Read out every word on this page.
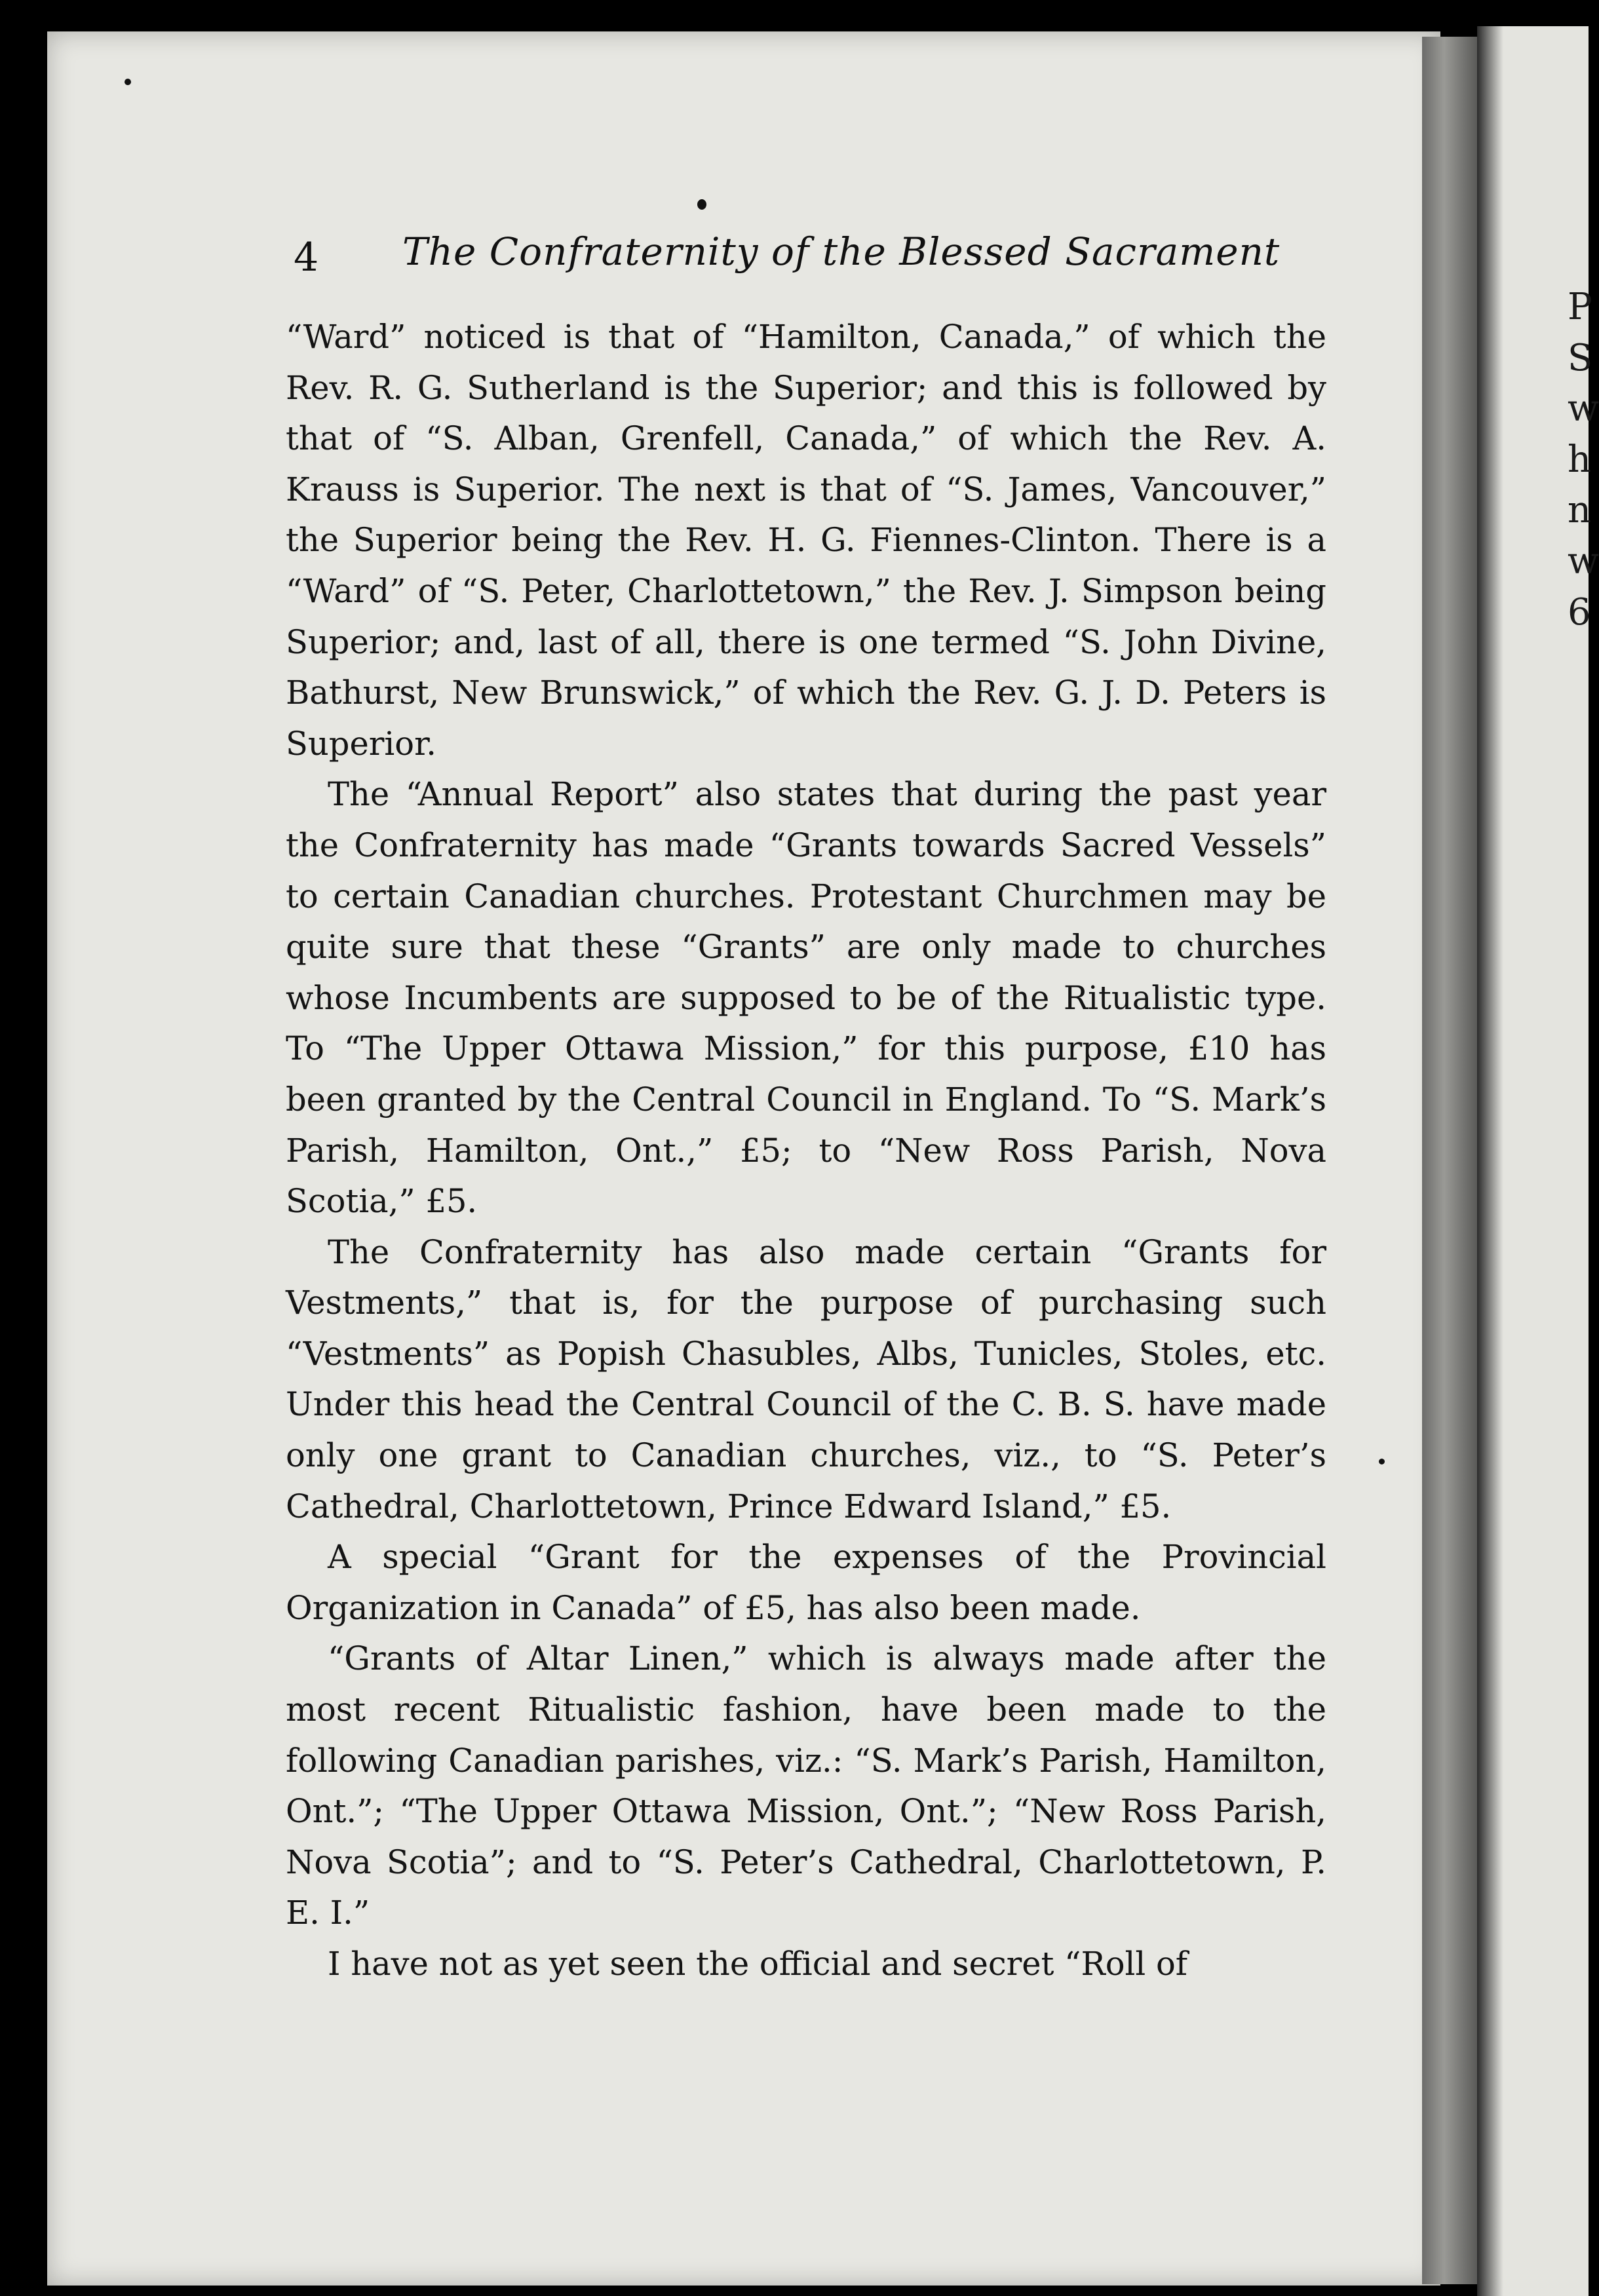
P
S
w
h
n
w
6
4 The Confraternity of the Blessed Sacrament

“Ward” noticed is that of “Hamilton, Canada,” of which the Rev. R. G. Sutherland is the Superior; and this is followed by that of “S. Alban, Grenfell, Canada,” of which the Rev. A. Krauss is Superior. The next is that of “S. James, Vancouver,” the Superior being the Rev. H. G. Fiennes-Clinton. There is a “Ward” of “S. Peter, Charlottetown,” the Rev. J. Simpson being Superior; and, last of all, there is one termed “S. John Divine, Bathurst, New Brunswick,” of which the Rev. G. J. D. Peters is Superior.

The “Annual Report” also states that during the past year the Confraternity has made “Grants towards Sacred Vessels” to certain Canadian churches. Protestant Churchmen may be quite sure that these “Grants” are only made to churches whose Incumbents are supposed to be of the Ritualistic type. To “The Upper Ottawa Mission,” for this purpose, £10 has been granted by the Central Council in England. To “S. Mark’s Parish, Hamilton, Ont.,” £5; to “New Ross Parish, Nova Scotia,” £5.

The Confraternity has also made certain “Grants for Vestments,” that is, for the purpose of purchasing such “Vestments” as Popish Chasubles, Albs, Tunicles, Stoles, etc. Under this head the Central Council of the C. B. S. have made only one grant to Canadian churches, viz., to “S. Peter’s Cathedral, Charlottetown, Prince Edward Island,” £5.

A special “Grant for the expenses of the Provincial Organization in Canada” of £5, has also been made.

“Grants of Altar Linen,” which is always made after the most recent Ritualistic fashion, have been made to the following Canadian parishes, viz.: “S. Mark’s Parish, Hamilton, Ont.”; “The Upper Ottawa Mission, Ont.”; “New Ross Parish, Nova Scotia”; and to “S. Peter’s Cathedral, Charlottetown, P. E. I.”

I have not as yet seen the official and secret “Roll of
